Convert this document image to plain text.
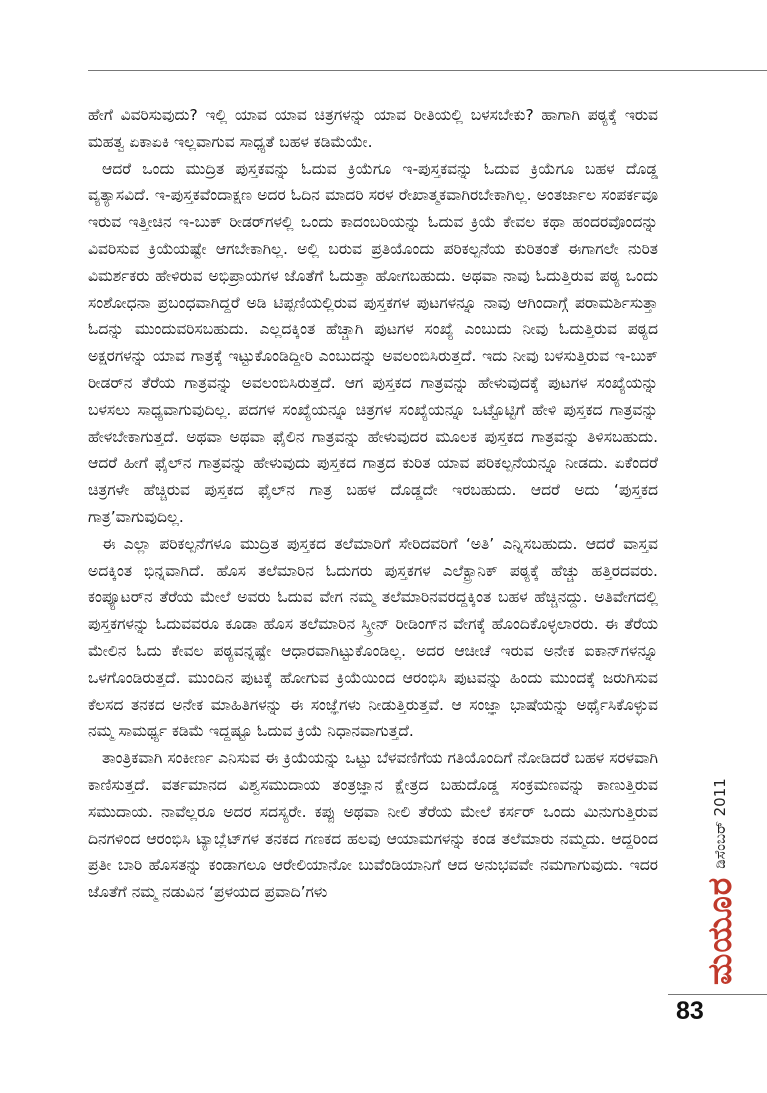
ಹೇಗೆ ವಿವರಿಸುವುದು? ಇಲ್ಲಿ ಯಾವ ಯಾವ ಚಿತ್ರಗಳನ್ನು ಯಾವ ರೀತಿಯಲ್ಲಿ ಬಳಸಬೇಕು? ಹಾಗಾಗಿ ಪಠ್ಯಕ್ಕೆ ಇರುವ ಮಹತ್ವ ಏಕಾಏಕಿ ಇಲ್ಲವಾಗುವ ಸಾಧ್ಯತೆ ಬಹಳ ಕಡಿಮೆಯೇ.

ಆದರೆ ಒಂದು ಮುದ್ರಿತ ಪುಸ್ತಕವನ್ನು ಓದುವ ಕ್ರಿಯೆಗೂ ಇ-ಪುಸ್ತಕವನ್ನು ಓದುವ ಕ್ರಿಯೆಗೂ ಬಹಳ ದೊಡ್ಡ ವ್ಯತ್ಯಾಸವಿದೆ. ಇ-ಪುಸ್ತಕವೆಂದಾಕ್ಷಣ ಅದರ ಓದಿನ ಮಾದರಿ ಸರಳ ರೇಖಾತ್ಮಕವಾಗಿರಬೇಕಾಗಿಲ್ಲ. ಅಂತರ್ಜಾಲ ಸಂಪರ್ಕವೂ ಇರುವ ಇತ್ತೀಚಿನ ಇ-ಬುಕ್ ರೀಡರ್‌ಗಳಲ್ಲಿ ಒಂದು ಕಾದಂಬರಿಯನ್ನು ಓದುವ ಕ್ರಿಯೆ ಕೇವಲ ಕಥಾ ಹಂದರವೊಂದನ್ನು ವಿವರಿಸುವ ಕ್ರಿಯೆಯಷ್ಟೇ ಆಗಬೇಕಾಗಿಲ್ಲ. ಅಲ್ಲಿ ಬರುವ ಪ್ರತಿಯೊಂದು ಪರಿಕಲ್ಪನೆಯ ಕುರಿತಂತೆ ಈಗಾಗಲೇ ನುರಿತ ವಿಮರ್ಶಕರು ಹೇಳಿರುವ ಅಭಿಪ್ರಾಯಗಳ ಜೊತೆಗೆ ಓದುತ್ತಾ ಹೋಗಬಹುದು. ಅಥವಾ ನಾವು ಓದುತ್ತಿರುವ ಪಠ್ಯ ಒಂದು ಸಂಶೋಧನಾ ಪ್ರಬಂಧವಾಗಿದ್ದರೆ ಅಡಿ ಟಿಪ್ಪಣಿಯಲ್ಲಿರುವ ಪುಸ್ತಕಗಳ ಪುಟಗಳನ್ನೂ ನಾವು ಆಗಿಂದಾಗ್ಗೆ ಪರಾಮರ್ಶಿಸುತ್ತಾ ಓದನ್ನು ಮುಂದುವರಿಸಬಹುದು. ಎಲ್ಲದಕ್ಕಿಂತ ಹೆಚ್ಚಾಗಿ ಪುಟಗಳ ಸಂಖ್ಯೆ ಎಂಬುದು ನೀವು ಓದುತ್ತಿರುವ ಪಠ್ಯದ ಅಕ್ಷರಗಳನ್ನು ಯಾವ ಗಾತ್ರಕ್ಕೆ ಇಟ್ಟುಕೊಂಡಿದ್ದೀರಿ ಎಂಬುದನ್ನು ಅವಲಂಬಿಸಿರುತ್ತದೆ. ಇದು ನೀವು ಬಳಸುತ್ತಿರುವ ಇ-ಬುಕ್ ರೀಡರ್‌ನ ತೆರೆಯ ಗಾತ್ರವನ್ನು ಅವಲಂಬಿಸಿರುತ್ತದೆ. ಆಗ ಪುಸ್ತಕದ ಗಾತ್ರವನ್ನು ಹೇಳುವುದಕ್ಕೆ ಪುಟಗಳ ಸಂಖ್ಯೆಯನ್ನು ಬಳಸಲು ಸಾಧ್ಯವಾಗುವುದಿಲ್ಲ. ಪದಗಳ ಸಂಖ್ಯೆಯನ್ನೂ ಚಿತ್ರಗಳ ಸಂಖ್ಯೆಯನ್ನೂ ಒಟ್ಟೊಟ್ಟಿಗೆ ಹೇಳಿ ಪುಸ್ತಕದ ಗಾತ್ರವನ್ನು ಹೇಳಬೇಕಾಗುತ್ತದೆ. ಅಥವಾ ಅಥವಾ ಫೈಲಿನ ಗಾತ್ರವನ್ನು ಹೇಳುವುದರ ಮೂಲಕ ಪುಸ್ತಕದ ಗಾತ್ರವನ್ನು ತಿಳಿಸಬಹುದು. ಆದರೆ ಹೀಗೆ ಫೈಲ್‌ನ ಗಾತ್ರವನ್ನು ಹೇಳುವುದು ಪುಸ್ತಕದ ಗಾತ್ರದ ಕುರಿತ ಯಾವ ಪರಿಕಲ್ಪನೆಯನ್ನೂ ನೀಡದು. ಏಕೆಂದರೆ ಚಿತ್ರಗಳೇ ಹೆಚ್ಚಿರುವ ಪುಸ್ತಕದ ಫೈಲ್‌ನ ಗಾತ್ರ ಬಹಳ ದೊಡ್ಡದೇ ಇರಬಹುದು. ಆದರೆ ಅದು ‘ಪುಸ್ತಕದ ಗಾತ್ರ’ವಾಗುವುದಿಲ್ಲ.

ಈ ಎಲ್ಲಾ ಪರಿಕಲ್ಪನೆಗಳೂ ಮುದ್ರಿತ ಪುಸ್ತಕದ ತಲೆಮಾರಿಗೆ ಸೇರಿದವರಿಗೆ ‘ಅತಿ’ ಎನ್ನಿಸಬಹುದು. ಆದರೆ ವಾಸ್ತವ ಅದಕ್ಕಿಂತ ಭಿನ್ನವಾಗಿದೆ. ಹೊಸ ತಲೆಮಾರಿನ ಓದುಗರು ಪುಸ್ತಕಗಳ ಎಲೆಕ್ಟ್ರಾನಿಕ್ ಪಠ್ಯಕ್ಕೆ ಹೆಚ್ಚು ಹತ್ತಿರದವರು. ಕಂಪ್ಯೂಟರ್‌ನ ತೆರೆಯ ಮೇಲೆ ಅವರು ಓದುವ ವೇಗ ನಮ್ಮ ತಲೆಮಾರಿನವರದ್ದಕ್ಕಿಂತ ಬಹಳ ಹೆಚ್ಚಿನದ್ದು. ಅತಿವೇಗದಲ್ಲಿ ಪುಸ್ತಕಗಳನ್ನು ಓದುವವರೂ ಕೂಡಾ ಹೊಸ ತಲೆಮಾರಿನ ಸ್ಕ್ರೀನ್ ರೀಡಿಂಗ್‌ನ ವೇಗಕ್ಕೆ ಹೊಂದಿಕೊಳ್ಳಲಾರರು. ಈ ತೆರೆಯ ಮೇಲಿನ ಓದು ಕೇವಲ ಪಠ್ಯವನ್ನಷ್ಟೇ ಆಧಾರವಾಗಿಟ್ಟುಕೊಂಡಿಲ್ಲ. ಅದರ ಆಚೀಚೆ ಇರುವ ಅನೇಕ ಐಕಾನ್‌ಗಳನ್ನೂ ಒಳಗೊಂಡಿರುತ್ತದೆ. ಮುಂದಿನ ಪುಟಕ್ಕೆ ಹೋಗುವ ಕ್ರಿಯೆಯಿಂದ ಆರಂಭಿಸಿ ಪುಟವನ್ನು ಹಿಂದು ಮುಂದಕ್ಕೆ ಜರುಗಿಸುವ ಕೆಲಸದ ತನಕದ ಅನೇಕ ಮಾಹಿತಿಗಳನ್ನು ಈ ಸಂಜ್ಞೆಗಳು ನೀಡುತ್ತಿರುತ್ತವೆ. ಆ ಸಂಜ್ಞಾ ಭಾಷೆಯನ್ನು ಅರ್ಥೈಸಿಕೊಳ್ಳುವ ನಮ್ಮ ಸಾಮರ್ಥ್ಯ ಕಡಿಮೆ ಇದ್ದಷ್ಟೂ ಓದುವ ಕ್ರಿಯೆ ನಿಧಾನವಾಗುತ್ತದೆ.

ತಾಂತ್ರಿಕವಾಗಿ ಸಂಕೀರ್ಣ ಎನಿಸುವ ಈ ಕ್ರಿಯೆಯನ್ನು ಒಟ್ಟು ಬೆಳವಣಿಗೆಯ ಗತಿಯೊಂದಿಗೆ ನೋಡಿದರೆ ಬಹಳ ಸರಳವಾಗಿ ಕಾಣಿಸುತ್ತದೆ. ವರ್ತಮಾನದ ವಿಶ್ವಸಮುದಾಯ ತಂತ್ರಜ್ಞಾನ ಕ್ಷೇತ್ರದ ಬಹುದೊಡ್ಡ ಸಂಕ್ರಮಣವನ್ನು ಕಾಣುತ್ತಿರುವ ಸಮುದಾಯ. ನಾವೆಲ್ಲರೂ ಅದರ ಸದಸ್ಯರೇ. ಕಪ್ಪು ಅಥವಾ ನೀಲಿ ತೆರೆಯ ಮೇಲೆ ಕರ್ಸರ್ ಒಂದು ಮಿನುಗುತ್ತಿರುವ ದಿನಗಳಿಂದ ಆರಂಭಿಸಿ ಟ್ಯಾಬ್ಲೆಟ್‌ಗಳ ತನಕದ ಗಣಕದ ಹಲವು ಆಯಾಮಗಳನ್ನು ಕಂಡ ತಲೆಮಾರು ನಮ್ಮದು. ಆದ್ದರಿಂದ ಪ್ರತೀ ಬಾರಿ ಹೊಸತನ್ನು ಕಂಡಾಗಲೂ ಆರೇಲಿಯಾನೋ ಬುವೆಂಡಿಯಾನಿಗೆ ಆದ ಅನುಭವವೇ ನಮಗಾಗುವುದು. ಇದರ ಜೊತೆಗೆ ನಮ್ಮ ನಡುವಿನ ‘ಪ್ರಳಯದ ಪ್ರವಾದಿ’ಗಳು	ಮಯೂರ
ಡಿಸೆಂಬರ್ 2011
83
